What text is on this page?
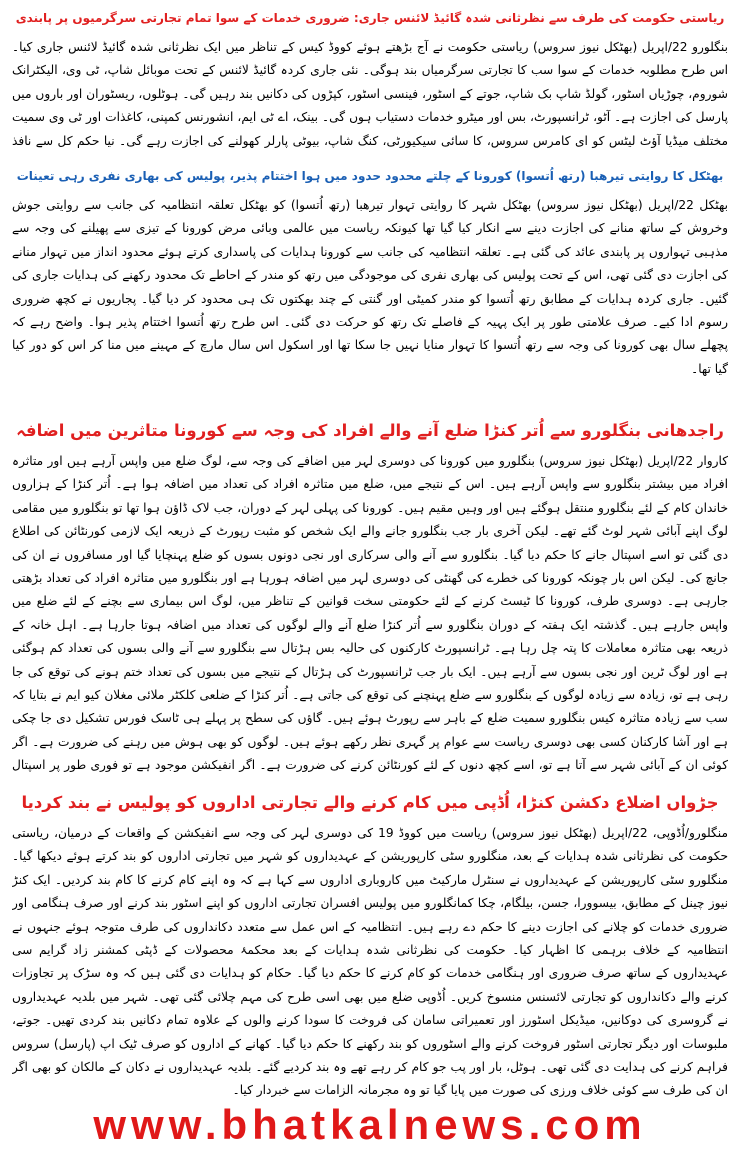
ریاستی حکومت کی طرف سے نظرثانی شدہ گائیڈ لائنس جاری: ضروری خدمات کے سوا تمام تجارتی سرگرمیوں پر پابندی

بنگلورو 22/اپریل (بھٹکل نیوز سروس) ریاستی حکومت نے آج بڑھتے ہوئے کووڈ کیس کے تناظر میں ایک نظرثانی شدہ گائیڈ لائنس جاری کیا۔ اس طرح مطلوبہ خدمات کے سوا سب کا تجارتی سرگرمیاں بند ہوگی۔ نئی جاری کردہ گائیڈ لائنس کے تحت موبائل شاپ، ٹی وی، الیکٹرانک شوروم، چوڑیاں اسٹور، گولڈ شاپ بک شاپ، جوتے کے اسٹور، فینسی اسٹور، کپڑوں کی دکانیں بند رہیں گی۔ ہوٹلوں، ریسٹوران اور باروں میں پارسل کی اجازت ہے۔ آٹو، ٹرانسپورٹ، بس اور میٹرو خدمات دستیاب ہوں گی۔ بینک، اے ٹی ایم، انشورنس کمپنی، کاغذات اور ٹی وی سمیت مختلف میڈیا آؤٹ لیٹس کو ای کامرس سروس، کا سائی سیکیورٹی، کنگ شاپ، بیوٹی پارلر کھولنے کی اجازت رہے گی۔ نیا حکم کل سے نافذ

بھٹکل کا روایتی تیرھبا (رتھ اُتسوا) کورونا کے چلتے محدود حدود میں ہوا اختتام پذیر، پولیس کی بھاری نفری رہی تعینات

بھٹکل 22/اپریل (بھٹکل نیوز سروس) بھٹکل شہر کا روایتی تہوار تیرھبا (رتھ اُتسوا) کو بھٹکل تعلقہ انتظامیہ کی جانب سے روایتی جوش وخروش کے ساتھ منانے کی اجازت دینے سے انکار کیا گیا تھا کیونکہ ریاست میں عالمی وبائی مرض کورونا کے تیزی سے پھیلنے کی وجہ سے مذہبی تہواروں پر پابندی عائد کی گئی ہے۔ تعلقہ انتظامیہ کی جانب سے کورونا ہدایات کی پاسداری کرتے ہوئے محدود انداز میں تہوار منانے کی اجازت دی گئی تھی، اس کے تحت پولیس کی بھاری نفری کی موجودگی میں رتھ کو مندر کے احاطے تک محدود رکھنے کی ہدایات جاری کی گئیں۔ جاری کردہ ہدایات کے مطابق رتھ اُتسوا کو مندر کمیٹی اور گنتی کے چند بھکتوں تک ہی محدود کر دیا گیا۔ پجاریوں نے کچھ ضروری رسوم ادا کیے۔ صرف علامتی طور پر ایک پہیہ کے فاصلے تک رتھ کو حرکت دی گئی۔ اس طرح رتھ اُتسوا اختتام پذیر ہوا۔ واضح رہے کہ پچھلے سال بھی کورونا کی وجہ سے رتھ اُتسوا کا تہوار منایا نہیں جا سکا تھا اور اسکول اس سال مارچ کے مہینے میں منا کر اس کو دور کیا گیا تھا۔

راجدھانی بنگلورو سے اُتر کنڑا ضلع آنے والے افراد کی وجہ سے کورونا متاثرین میں اضافہ

کاروار 22/اپریل (بھٹکل نیوز سروس) بنگلورو میں کورونا کی دوسری لہر میں اضافے کی وجہ سے، لوگ ضلع میں واپس آرہے ہیں اور متاثرہ افراد میں بیشتر بنگلورو سے واپس آرہے ہیں۔ اس کے نتیجے میں، ضلع میں متاثرہ افراد کی تعداد میں اضافہ ہوا ہے۔ اُتر کنڑا کے ہزاروں خاندان کام کے لئے بنگلورو منتقل ہوگئے ہیں اور وہیں مقیم ہیں۔ کورونا کی پہلی لہر کے دوران، جب لاک ڈاؤن ہوا تھا تو بنگلورو میں مقامی لوگ اپنے آبائی شہر لوٹ گئے تھے۔ لیکن آخری بار جب بنگلورو جانے والے ایک شخص کو مثبت رپورٹ کے ذریعہ ایک لازمی کورنٹائن کی اطلاع دی گئی تو اسے اسپتال جانے کا حکم دیا گیا۔ بنگلورو سے آنے والی سرکاری اور نجی دونوں بسوں کو ضلع پہنچایا گیا اور مسافروں نے ان کی جانچ کی۔ لیکن اس بار چونکہ کورونا کی خطرے کی گھنٹی کی دوسری لہر میں اضافہ ہورہا ہے اور بنگلورو میں متاثرہ افراد کی تعداد بڑھتی جارہی ہے۔ دوسری طرف، کورونا کا ٹیسٹ کرنے کے لئے حکومتی سخت قوانین کے تناظر میں، لوگ اس بیماری سے بچنے کے لئے ضلع میں واپس جارہے ہیں۔ گذشتہ ایک ہفتہ کے دوران بنگلورو سے اُتر کنڑا ضلع آنے والے لوگوں کی تعداد میں اضافہ ہوتا جارہا ہے۔ اہل خانہ کے ذریعہ بھی متاثرہ معاملات کا پتہ چل رہا ہے۔ ٹرانسپورٹ کارکنوں کی حالیہ بس ہڑتال سے بنگلورو سے آنے والی بسوں کی تعداد کم ہوگئی ہے اور لوگ ٹرین اور نجی بسوں سے آرہے ہیں۔ ایک بار جب ٹرانسپورٹ کی ہڑتال کے نتیجے میں بسوں کی تعداد ختم ہونے کی توقع کی جا رہی ہے تو، زیادہ سے زیادہ لوگوں کے بنگلورو سے ضلع پہنچنے کی توقع کی جاتی ہے۔ اُتر کنڑا کے ضلعی کلکٹر ملائی مغلان کیو ایم نے بتایا کہ سب سے زیادہ متاثرہ کیس بنگلورو سمیت ضلع کے باہر سے رپورٹ ہوئے ہیں۔ گاؤں کی سطح پر پہلے ہی ٹاسک فورس تشکیل دی جا چکی ہے اور آشا کارکنان کسی بھی دوسری ریاست سے عوام پر گہری نظر رکھے ہوئے ہیں۔ لوگوں کو بھی ہوش میں رہنے کی ضرورت ہے۔ اگر کوئی ان کے آبائی شہر سے آتا ہے تو، اسے کچھ دنوں کے لئے کورنٹائن کرنے کی ضرورت ہے۔ اگر انفیکشن موجود ہے تو فوری طور پر اسپتال

جڑواں اضلاع دکشن کنڑا، اُڈپی میں کام کرنے والے تجارتی اداروں کو پولیس نے بند کردیا

منگلورو/اُڈوپی، 22/اپریل (بھٹکل نیوز سروس) ریاست میں کووڈ 19 کی دوسری لہر کی وجہ سے انفیکشن کے واقعات کے درمیان، ریاستی حکومت کی نظرثانی شدہ ہدایات کے بعد، منگلورو سٹی کارپوریشن کے عہدیداروں کو شہر میں تجارتی اداروں کو بند کرتے ہوئے دیکھا گیا۔ منگلورو سٹی کارپوریشن کے عہدیداروں نے سنٹرل مارکیٹ میں کاروباری اداروں سے کہا ہے کہ وہ اپنے کام کرنے کا کام بند کردیں۔ ایک کنڑ نیوز چینل کے مطابق، بیسوورا، جسن، بیلگام، چکا کمانگلورو میں پولیس افسران تجارتی اداروں کو اپنے اسٹور بند کرنے اور صرف ہنگامی اور ضروری خدمات کو چلانے کی اجازت دینے کا حکم دے رہے ہیں۔ انتظامیہ کے اس عمل سے متعدد دکانداروں کی طرف متوجہ ہوئے جنہوں نے انتظامیہ کے خلاف برہمی کا اظہار کیا۔ حکومت کی نظرثانی شدہ ہدایات کے بعد محکمۂ محصولات کے ڈپٹی کمشنر زاد گرایم سی عہدیداروں کے ساتھ صرف ضروری اور ہنگامی خدمات کو کام کرنے کا حکم دیا گیا۔ حکام کو ہدایات دی گئی ہیں کہ وہ سڑک پر تجاوزات کرنے والے دکانداروں کو تجارتی لائسنس منسوخ کریں۔ اُڈوپی ضلع میں بھی اسی طرح کی مہم چلائی گئی تھی۔ شہر میں بلدیہ عہدیداروں نے گروسری کی دوکانیں، میڈیکل اسٹورز اور تعمیراتی سامان کی فروخت کا سودا کرنے والوں کے علاوہ تمام دکانیں بند کردی تھیں۔ جوتے، ملبوسات اور دیگر تجارتی اسٹور فروخت کرنے والے اسٹوروں کو بند رکھنے کا حکم دیا گیا۔ کھانے کے اداروں کو صرف ٹیک اپ (پارسل) سروس فراہم کرنے کی ہدایت دی گئی تھی۔ ہوٹل، بار اور پب جو کام کر رہے تھے وہ بند کردیے گئے۔ بلدیہ عہدیداروں نے دکان کے مالکان کو بھی اگر ان کی طرف سے کوئی خلاف ورزی کی صورت میں پایا گیا تو وہ مجرمانہ الزامات سے خبردار کیا۔

www.bhatkalnews.com
